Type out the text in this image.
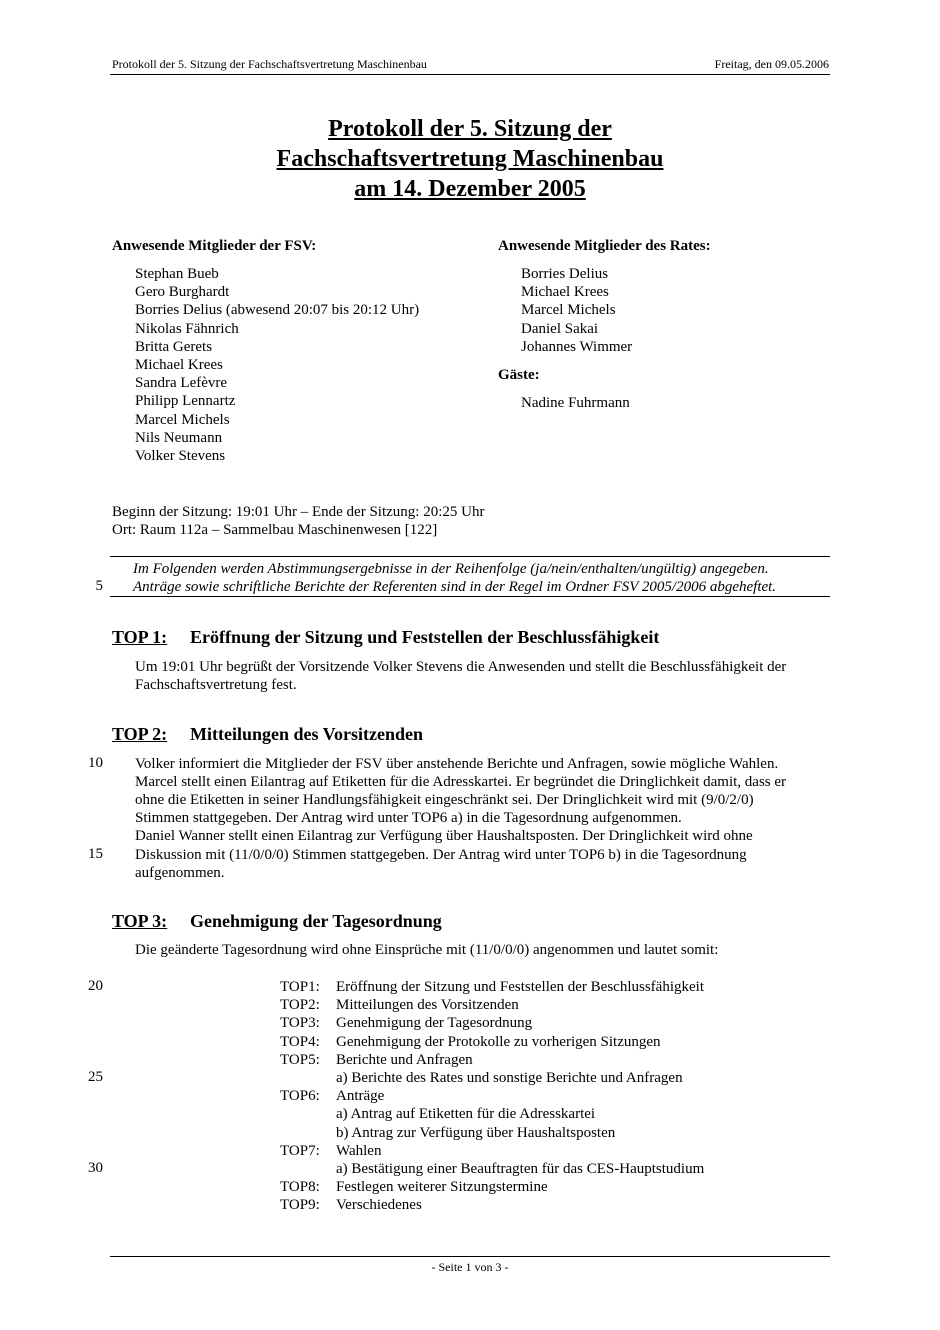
Protokoll der 5. Sitzung der Fachschaftsvertretung Maschinenbau	Freitag, den 09.05.2006
Protokoll der 5. Sitzung der
Fachschaftsvertretung Maschinenbau
am 14. Dezember 2005
Anwesende Mitglieder der FSV:
Stephan Bueb
Gero Burghardt
Borries Delius (abwesend 20:07 bis 20:12 Uhr)
Nikolas Fähnrich
Britta Gerets
Michael Krees
Sandra Lefèvre
Philipp Lennartz
Marcel Michels
Nils Neumann
Volker Stevens
Anwesende Mitglieder des Rates:
Borries Delius
Michael Krees
Marcel Michels
Daniel Sakai
Johannes Wimmer
Gäste:
Nadine Fuhrmann
Beginn der Sitzung: 19:01 Uhr – Ende der Sitzung: 20:25 Uhr
Ort: Raum 112a – Sammelbau Maschinenwesen [122]
Im Folgenden werden Abstimmungsergebnisse in der Reihenfolge (ja/nein/enthalten/ungültig) angegeben.
Anträge sowie schriftliche Berichte der Referenten sind in der Regel im Ordner FSV 2005/2006 abgeheftet.
5
10
15
20
25
30
TOP 1: Eröffnung der Sitzung und Feststellen der Beschlussfähigkeit
Um 19:01 Uhr begrüßt der Vorsitzende Volker Stevens die Anwesenden und stellt die Beschlussfähigkeit der
Fachschaftsvertretung fest.
TOP 2: Mitteilungen des Vorsitzenden
Volker informiert die Mitglieder der FSV über anstehende Berichte und Anfragen, sowie mögliche Wahlen.
Marcel stellt einen Eilantrag auf Etiketten für die Adresskartei. Er begründet die Dringlichkeit damit, dass er
ohne die Etiketten in seiner Handlungsfähigkeit eingeschränkt sei. Der Dringlichkeit wird mit (9/0/2/0)
Stimmen stattgegeben. Der Antrag wird unter TOP6 a) in die Tagesordnung aufgenommen.
Daniel Wanner stellt einen Eilantrag zur Verfügung über Haushaltsposten. Der Dringlichkeit wird ohne
Diskussion mit (11/0/0/0) Stimmen stattgegeben. Der Antrag wird unter TOP6 b) in die Tagesordnung
aufgenommen.
TOP 3: Genehmigung der Tagesordnung
Die geänderte Tagesordnung wird ohne Einsprüche mit (11/0/0/0) angenommen und lautet somit:
TOP1: Eröffnung der Sitzung und Feststellen der Beschlussfähigkeit
TOP2: Mitteilungen des Vorsitzenden
TOP3: Genehmigung der Tagesordnung
TOP4: Genehmigung der Protokolle zu vorherigen Sitzungen
TOP5: Berichte und Anfragen
a) Berichte des Rates und sonstige Berichte und Anfragen
TOP6: Anträge
a) Antrag auf Etiketten für die Adresskartei
b) Antrag zur Verfügung über Haushaltsposten
TOP7: Wahlen
a) Bestätigung einer Beauftragten für das CES-Hauptstudium
TOP8: Festlegen weiterer Sitzungstermine
TOP9: Verschiedenes
- Seite 1 von 3 -
